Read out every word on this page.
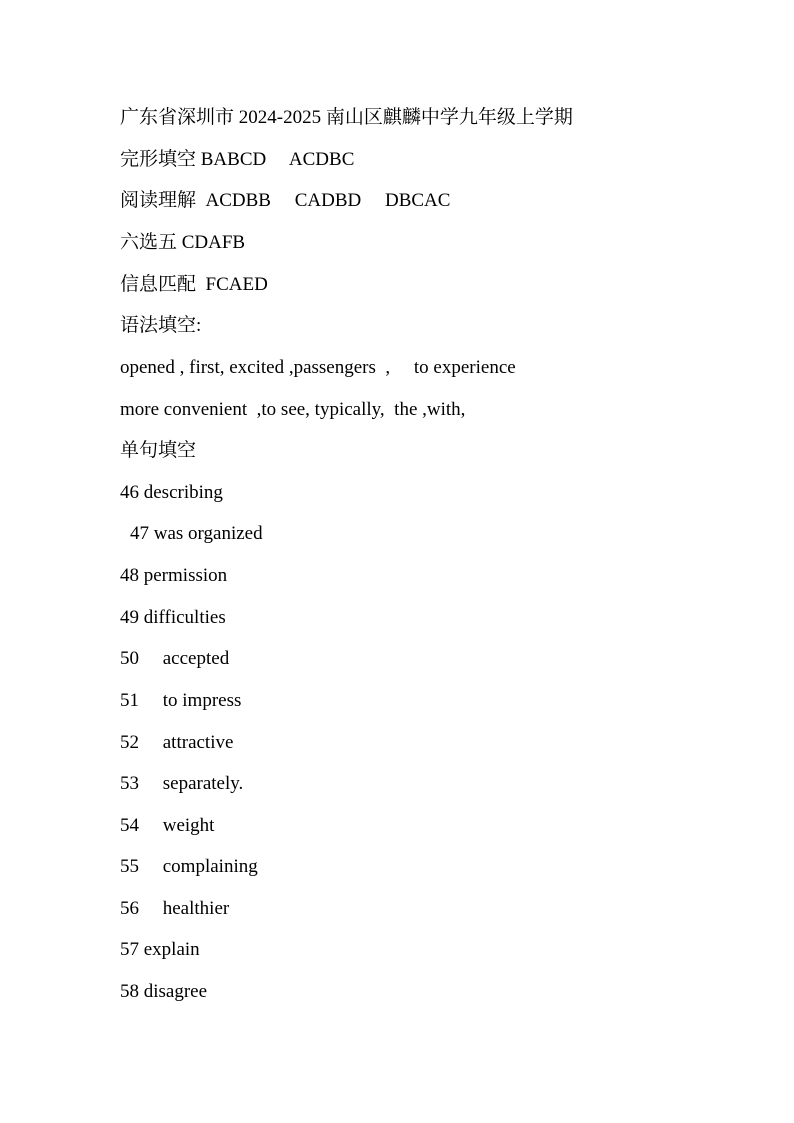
广东省深圳市 2024-2025 南山区麒麟中学九年级上学期
完形填空 BABCD     ACDBC
阅读理解  ACDBB     CADBD     DBCAC
六选五 CDAFB
信息匹配  FCAED
语法填空:
opened , first, excited ,passengers  ,     to experience
more convenient  ,to see, typically,  the ,with,
单句填空
46 describing
47 was organized
48 permission
49 difficulties
50     accepted
51     to impress
52     attractive
53     separately.
54     weight
55     complaining
56     healthier
57 explain
58 disagree
